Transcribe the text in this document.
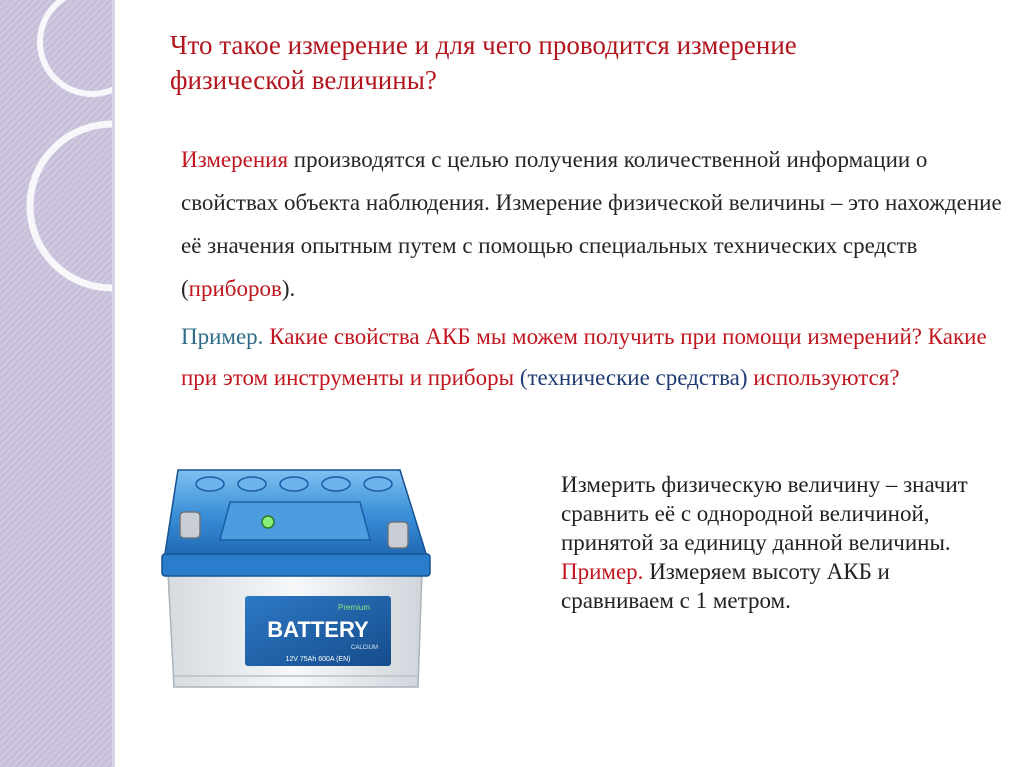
Что такое измерение и для чего проводится измерение физической величины?

Измерения производятся с целью получения количественной информации о свойствах объекта наблюдения. Измерение физической величины – это нахождение её значения опытным путем с помощью специальных технических средств (приборов).

Пример. Какие свойства АКБ мы можем получить при помощи измерений? Какие при этом инструменты и приборы (технические средства) используются?

Premium
BATTERY
CALCIUM
12V 75Ah 600A (EN)

Измерить физическую величину – значит сравнить её с однородной величиной, принятой за единицу данной величины.
Пример. Измеряем высоту АКБ и сравниваем с 1 метром.
